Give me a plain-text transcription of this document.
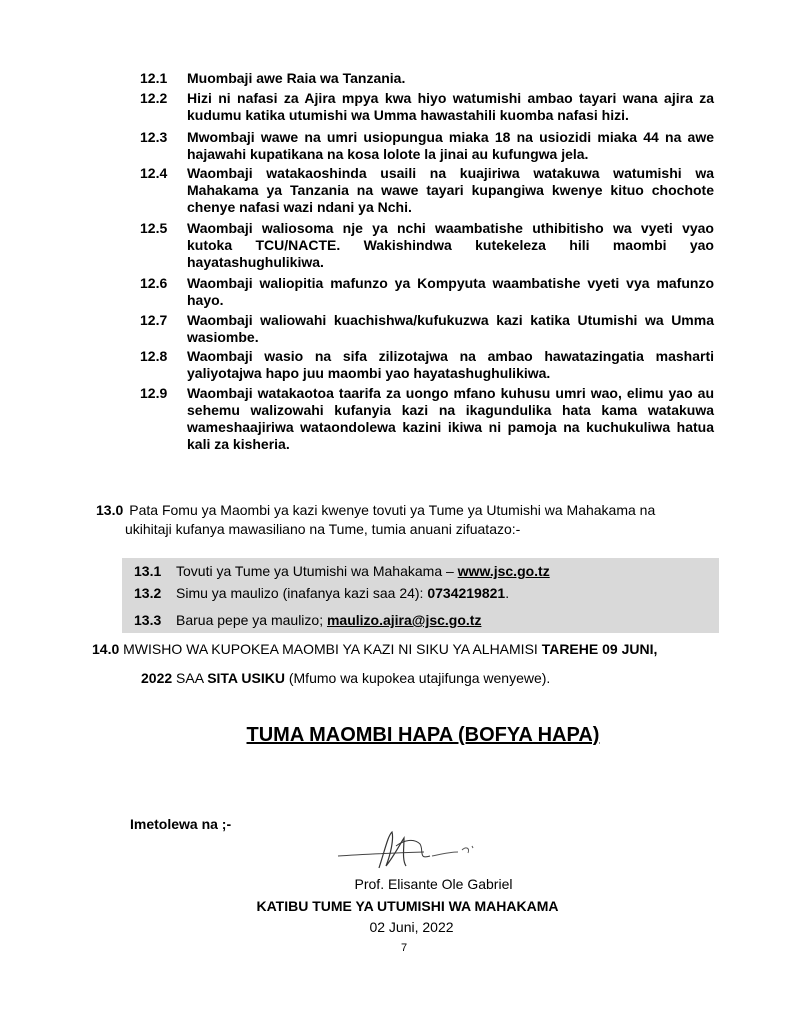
12.1 Muombaji awe Raia wa Tanzania.

12.2 Hizi ni nafasi za Ajira mpya kwa hiyo watumishi ambao tayari wana ajira za kudumu katika utumishi wa Umma hawastahili kuomba nafasi hizi.

12.3 Mwombaji wawe na umri usiopungua miaka 18 na usiozidi miaka 44 na awe hajawahi kupatikana na kosa lolote la jinai au kufungwa jela.

12.4 Waombaji watakaoshinda usaili na kuajiriwa watakuwa watumishi wa Mahakama ya Tanzania na wawe tayari kupangiwa kwenye kituo chochote chenye nafasi wazi ndani ya Nchi.

12.5 Waombaji waliosoma nje ya nchi waambatishe uthibitisho wa vyeti vyao kutoka TCU/NACTE. Wakishindwa kutekeleza hili maombi yao hayatashughulikiwa.

12.6 Waombaji waliopitia mafunzo ya Kompyuta waambatishe vyeti vya mafunzo hayo.

12.7 Waombaji waliowahi kuachishwa/kufukuzwa kazi katika Utumishi wa Umma wasiombe.

12.8 Waombaji wasio na sifa zilizotajwa na ambao hawatazingatia masharti yaliyotajwa hapo juu maombi yao hayatashughulikiwa.

12.9 Waombaji watakaotoa taarifa za uongo mfano kuhusu umri wao, elimu yao au sehemu walizowahi kufanyia kazi na ikagundulika hata kama watakuwa wameshaajiriwa wataondolewa kazini ikiwa ni pamoja na kuchukuliwa hatua kali za kisheria.

13.0 Pata Fomu ya Maombi ya kazi kwenye tovuti ya Tume ya Utumishi wa Mahakama na
ukihitaji kufanya mawasiliano na Tume, tumia anuani zifuatazo:-
13.1 Tovuti ya Tume ya Utumishi wa Mahakama – www.jsc.go.tz
13.2 Simu ya maulizo (inafanya kazi saa 24): 0734219821.
13.3 Barua pepe ya maulizo; maulizo.ajira@jsc.go.tz
14.0 MWISHO WA KUPOKEA MAOMBI YA KAZI NI SIKU YA ALHAMISI TAREHE 09 JUNI,
2022 SAA SITA USIKU (Mfumo wa kupokea utajifunga wenyewe).
TUMA MAOMBI HAPA (BOFYA HAPA)
Imetolewa na ;-
Prof. Elisante Ole Gabriel
KATIBU TUME YA UTUMISHI WA MAHAKAMA
02 Juni, 2022
7
